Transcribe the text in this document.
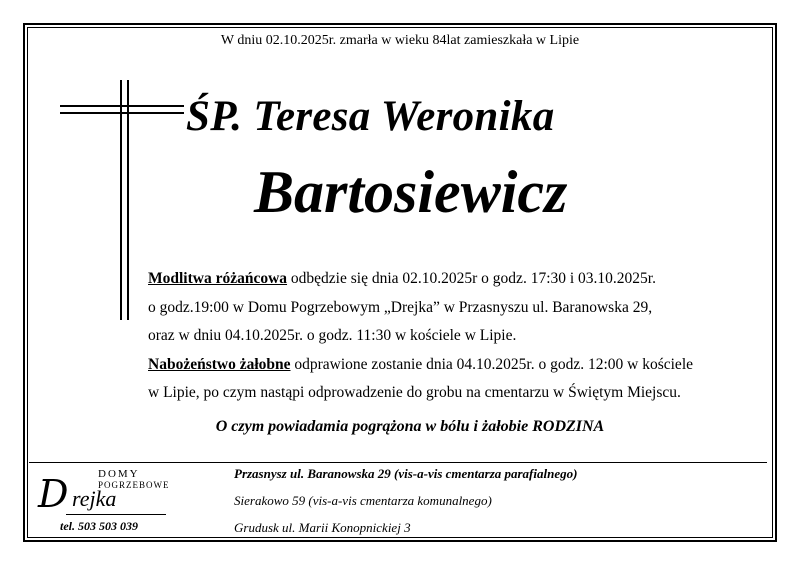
W dniu 02.10.2025r. zmarła w wieku 84lat zamieszkała w Lipie
ŚP. Teresa Weronika
Bartosiewicz

Modlitwa różańcowa odbędzie się dnia 02.10.2025r o godz. 17:30 i 03.10.2025r.

o godz.19:00 w Domu Pogrzebowym „Drejka” w Przasnyszu ul. Baranowska 29,

oraz w dniu 04.10.2025r. o godz. 11:30 w kościele w Lipie.

Nabożeństwo żałobne odprawione zostanie dnia 04.10.2025r. o godz. 12:00 w kościele

w Lipie, po czym nastąpi odprowadzenie do grobu na cmentarzu w Świętym Miejscu.

O czym powiadamia pogrążona w bólu i żałobie RODZINA
DOMY
POGRZEBOWE
D rejka
tel. 503 503 039
Przasnysz ul. Baranowska 29 (vis-a-vis cmentarza parafialnego)
Sierakowo 59 (vis-a-vis cmentarza komunalnego)
Grudusk ul. Marii Konopnickiej 3
